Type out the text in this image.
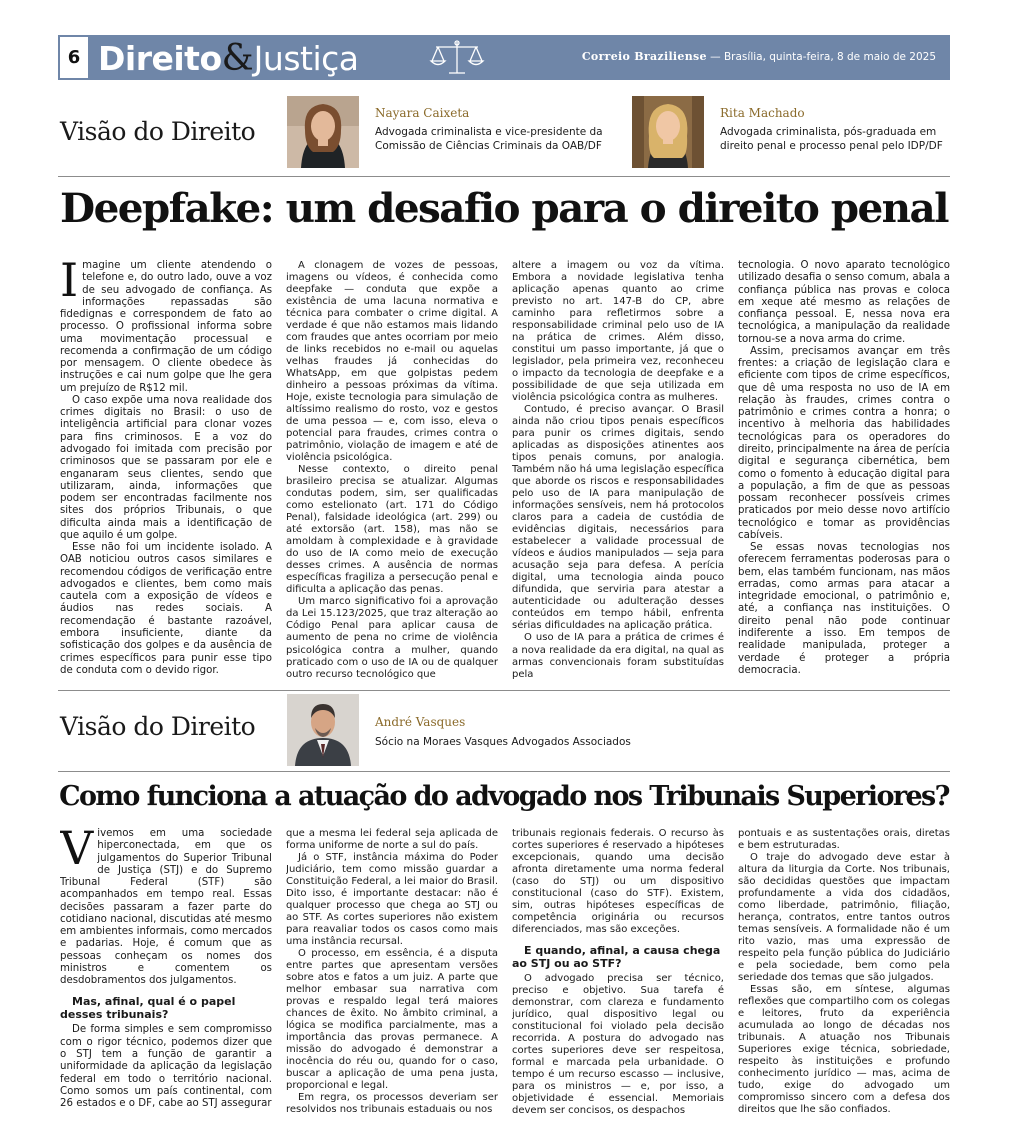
6 Direito & Justiça	Correio Braziliense — Brasília, quinta-feira, 8 de maio de 2025
Visão do Direito
Nayara Caixeta
Advogada criminalista e vice-presidente da Comissão de Ciências Criminais da OAB/DF
Rita Machado
Advogada criminalista, pós-graduada em direito penal e processo penal pelo IDP/DF
Deepfake: um desafio para o direito penal

Imagine um cliente atendendo o telefone e, do outro lado, ouve a voz de seu advogado de confiança. As informações repassadas são fidedignas e correspondem de fato ao processo. O profissional informa sobre uma movimentação processual e recomenda a confirmação de um código por mensagem. O cliente obedece às instruções e cai num golpe que lhe gera um prejuízo de R$12 mil.

O caso expõe uma nova realidade dos crimes digitais no Brasil: o uso de inteligência artificial para clonar vozes para fins criminosos. E a voz do advogado foi imitada com precisão por criminosos que se passaram por ele e enganaram seus clientes, sendo que utilizaram, ainda, informações que podem ser encontradas facilmente nos sites dos próprios Tribunais, o que dificulta ainda mais a identificação de que aquilo é um golpe.

Esse não foi um incidente isolado. A OAB noticiou outros casos similares e recomendou códigos de verificação entre advogados e clientes, bem como mais cautela com a exposição de vídeos e áudios nas redes sociais. A recomendação é bastante razoável, embora insuficiente, diante da sofisticação dos golpes e da ausência de crimes específicos para punir esse tipo de conduta com o devido rigor.

A clonagem de vozes de pessoas, imagens ou vídeos, é conhecida como deepfake — conduta que expõe a existência de uma lacuna normativa e técnica para combater o crime digital. A verdade é que não estamos mais lidando com fraudes que antes ocorriam por meio de links recebidos no e-mail ou aquelas velhas fraudes já conhecidas do WhatsApp, em que golpistas pedem dinheiro a pessoas próximas da vítima. Hoje, existe tecnologia para simulação de altíssimo realismo do rosto, voz e gestos de uma pessoa — e, com isso, eleva o potencial para fraudes, crimes contra o patrimônio, violação de imagem e até de violência psicológica.

Nesse contexto, o direito penal brasileiro precisa se atualizar. Algumas condutas podem, sim, ser qualificadas como estelionato (art. 171 do Código Penal), falsidade ideológica (art. 299) ou até extorsão (art. 158), mas não se amoldam à complexidade e à gravidade do uso de IA como meio de execução desses crimes. A ausência de normas específicas fragiliza a persecução penal e dificulta a aplicação das penas.

Um marco significativo foi a aprovação da Lei 15.123/2025, que traz alteração ao Código Penal para aplicar causa de aumento de pena no crime de violência psicológica contra a mulher, quando praticado com o uso de IA ou de qualquer outro recurso tecnológico que

altere a imagem ou voz da vítima. Embora a novidade legislativa tenha aplicação apenas quanto ao crime previsto no art. 147-B do CP, abre caminho para refletirmos sobre a responsabilidade criminal pelo uso de IA na prática de crimes. Além disso, constitui um passo importante, já que o legislador, pela primeira vez, reconheceu o impacto da tecnologia de deepfake e a possibilidade de que seja utilizada em violência psicológica contra as mulheres.

Contudo, é preciso avançar. O Brasil ainda não criou tipos penais específicos para punir os crimes digitais, sendo aplicadas as disposições atinentes aos tipos penais comuns, por analogia. Também não há uma legislação específica que aborde os riscos e responsabilidades pelo uso de IA para manipulação de informações sensíveis, nem há protocolos claros para a cadeia de custódia de evidências digitais, necessários para estabelecer a validade processual de vídeos e áudios manipulados — seja para acusação seja para defesa. A perícia digital, uma tecnologia ainda pouco difundida, que serviria para atestar a autenticidade ou adulteração desses conteúdos em tempo hábil, enfrenta sérias dificuldades na aplicação prática.

O uso de IA para a prática de crimes é a nova realidade da era digital, na qual as armas convencionais foram substituídas pela

tecnologia. O novo aparato tecnológico utilizado desafia o senso comum, abala a confiança pública nas provas e coloca em xeque até mesmo as relações de confiança pessoal. E, nessa nova era tecnológica, a manipulação da realidade tornou-se a nova arma do crime.

Assim, precisamos avançar em três frentes: a criação de legislação clara e eficiente com tipos de crime específicos, que dê uma resposta no uso de IA em relação às fraudes, crimes contra o patrimônio e crimes contra a honra; o incentivo à melhoria das habilidades tecnológicas para os operadores do direito, principalmente na área de perícia digital e segurança cibernética, bem como o fomento à educação digital para a população, a fim de que as pessoas possam reconhecer possíveis crimes praticados por meio desse novo artifício tecnológico e tomar as providências cabíveis.

Se essas novas tecnologias nos oferecem ferramentas poderosas para o bem, elas também funcionam, nas mãos erradas, como armas para atacar a integridade emocional, o patrimônio e, até, a confiança nas instituições. O direito penal não pode continuar indiferente a isso. Em tempos de realidade manipulada, proteger a verdade é proteger a própria democracia.

Visão do Direito	André Vasques
Sócio na Moraes Vasques Advogados Associados
Como funciona a atuação do advogado nos Tribunais Superiores?

Vivemos em uma sociedade hiperconectada, em que os julgamentos do Superior Tribunal de Justiça (STJ) e do Supremo Tribunal Federal (STF) são acompanhados em tempo real. Essas decisões passaram a fazer parte do cotidiano nacional, discutidas até mesmo em ambientes informais, como mercados e padarias. Hoje, é comum que as pessoas conheçam os nomes dos ministros e comentem os desdobramentos dos julgamentos.

Mas, afinal, qual é o papel desses tribunais?

De forma simples e sem compromisso com o rigor técnico, podemos dizer que o STJ tem a função de garantir a uniformidade da aplicação da legislação federal em todo o território nacional. Como somos um país continental, com 26 estados e o DF, cabe ao STJ assegurar

que a mesma lei federal seja aplicada de forma uniforme de norte a sul do país.

Já o STF, instância máxima do Poder Judiciário, tem como missão guardar a Constituição Federal, a lei maior do Brasil. Dito isso, é importante destacar: não é qualquer processo que chega ao STJ ou ao STF. As cortes superiores não existem para reavaliar todos os casos como mais uma instância recursal.

O processo, em essência, é a disputa entre partes que apresentam versões sobre atos e fatos a um juiz. A parte que melhor embasar sua narrativa com provas e respaldo legal terá maiores chances de êxito. No âmbito criminal, a lógica se modifica parcialmente, mas a importância das provas permanece. A missão do advogado é demonstrar a inocência do réu ou, quando for o caso, buscar a aplicação de uma pena justa, proporcional e legal.

Em regra, os processos deveriam ser resolvidos nos tribunais estaduais ou nos

tribunais regionais federais. O recurso às cortes superiores é reservado a hipóteses excepcionais, quando uma decisão afronta diretamente uma norma federal (caso do STJ) ou um dispositivo constitucional (caso do STF). Existem, sim, outras hipóteses específicas de competência originária ou recursos diferenciados, mas são exceções.

E quando, afinal, a causa chega ao STJ ou ao STF?

O advogado precisa ser técnico, preciso e objetivo. Sua tarefa é demonstrar, com clareza e fundamento jurídico, qual dispositivo legal ou constitucional foi violado pela decisão recorrida. A postura do advogado nas cortes superiores deve ser respeitosa, formal e marcada pela urbanidade. O tempo é um recurso escasso — inclusive, para os ministros — e, por isso, a objetividade é essencial. Memoriais devem ser concisos, os despachos

pontuais e as sustentações orais, diretas e bem estruturadas.

O traje do advogado deve estar à altura da liturgia da Corte. Nos tribunais, são decididas questões que impactam profundamente a vida dos cidadãos, como liberdade, patrimônio, filiação, herança, contratos, entre tantos outros temas sensíveis. A formalidade não é um rito vazio, mas uma expressão de respeito pela função pública do Judiciário e pela sociedade, bem como pela seriedade dos temas que são julgados.

Essas são, em síntese, algumas reflexões que compartilho com os colegas e leitores, fruto da experiência acumulada ao longo de décadas nos tribunais. A atuação nos Tribunais Superiores exige técnica, sobriedade, respeito às instituições e profundo conhecimento jurídico — mas, acima de tudo, exige do advogado um compromisso sincero com a defesa dos direitos que lhe são confiados.
